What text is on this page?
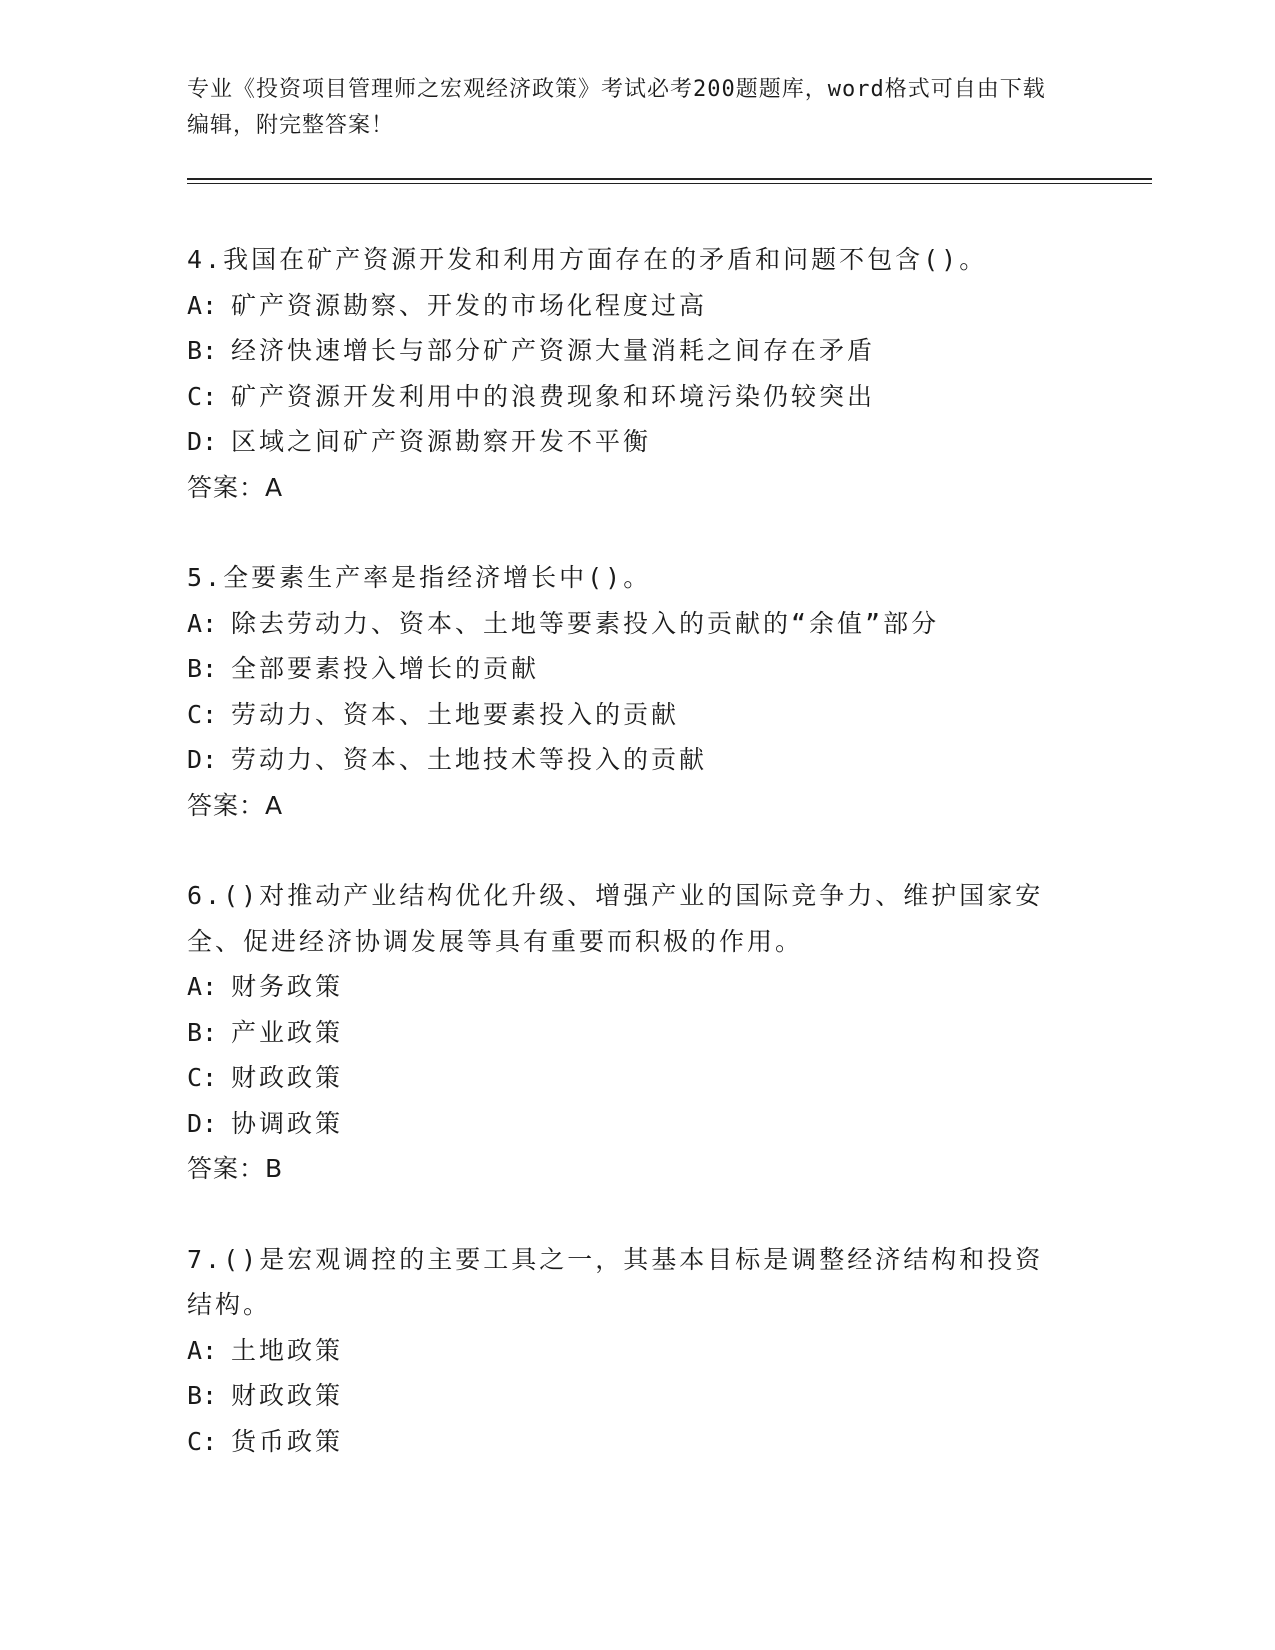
专业《投资项目管理师之宏观经济政策》考试必考200题题库，word格式可自由下载编辑，附完整答案！

4.我国在矿产资源开发和利用方面存在的矛盾和问题不包含()。

A: 矿产资源勘察、开发的市场化程度过高

B: 经济快速增长与部分矿产资源大量消耗之间存在矛盾

C: 矿产资源开发利用中的浪费现象和环境污染仍较突出

D: 区域之间矿产资源勘察开发不平衡

答案：A

5.全要素生产率是指经济增长中()。

A: 除去劳动力、资本、土地等要素投入的贡献的“余值”部分

B: 全部要素投入增长的贡献

C: 劳动力、资本、土地要素投入的贡献

D: 劳动力、资本、土地技术等投入的贡献

答案：A

6.()对推动产业结构优化升级、增强产业的国际竞争力、维护国家安全、促进经济协调发展等具有重要而积极的作用。

A: 财务政策

B: 产业政策

C: 财政政策

D: 协调政策

答案：B

7.()是宏观调控的主要工具之一，其基本目标是调整经济结构和投资结构。

A: 土地政策

B: 财政政策

C: 货币政策
